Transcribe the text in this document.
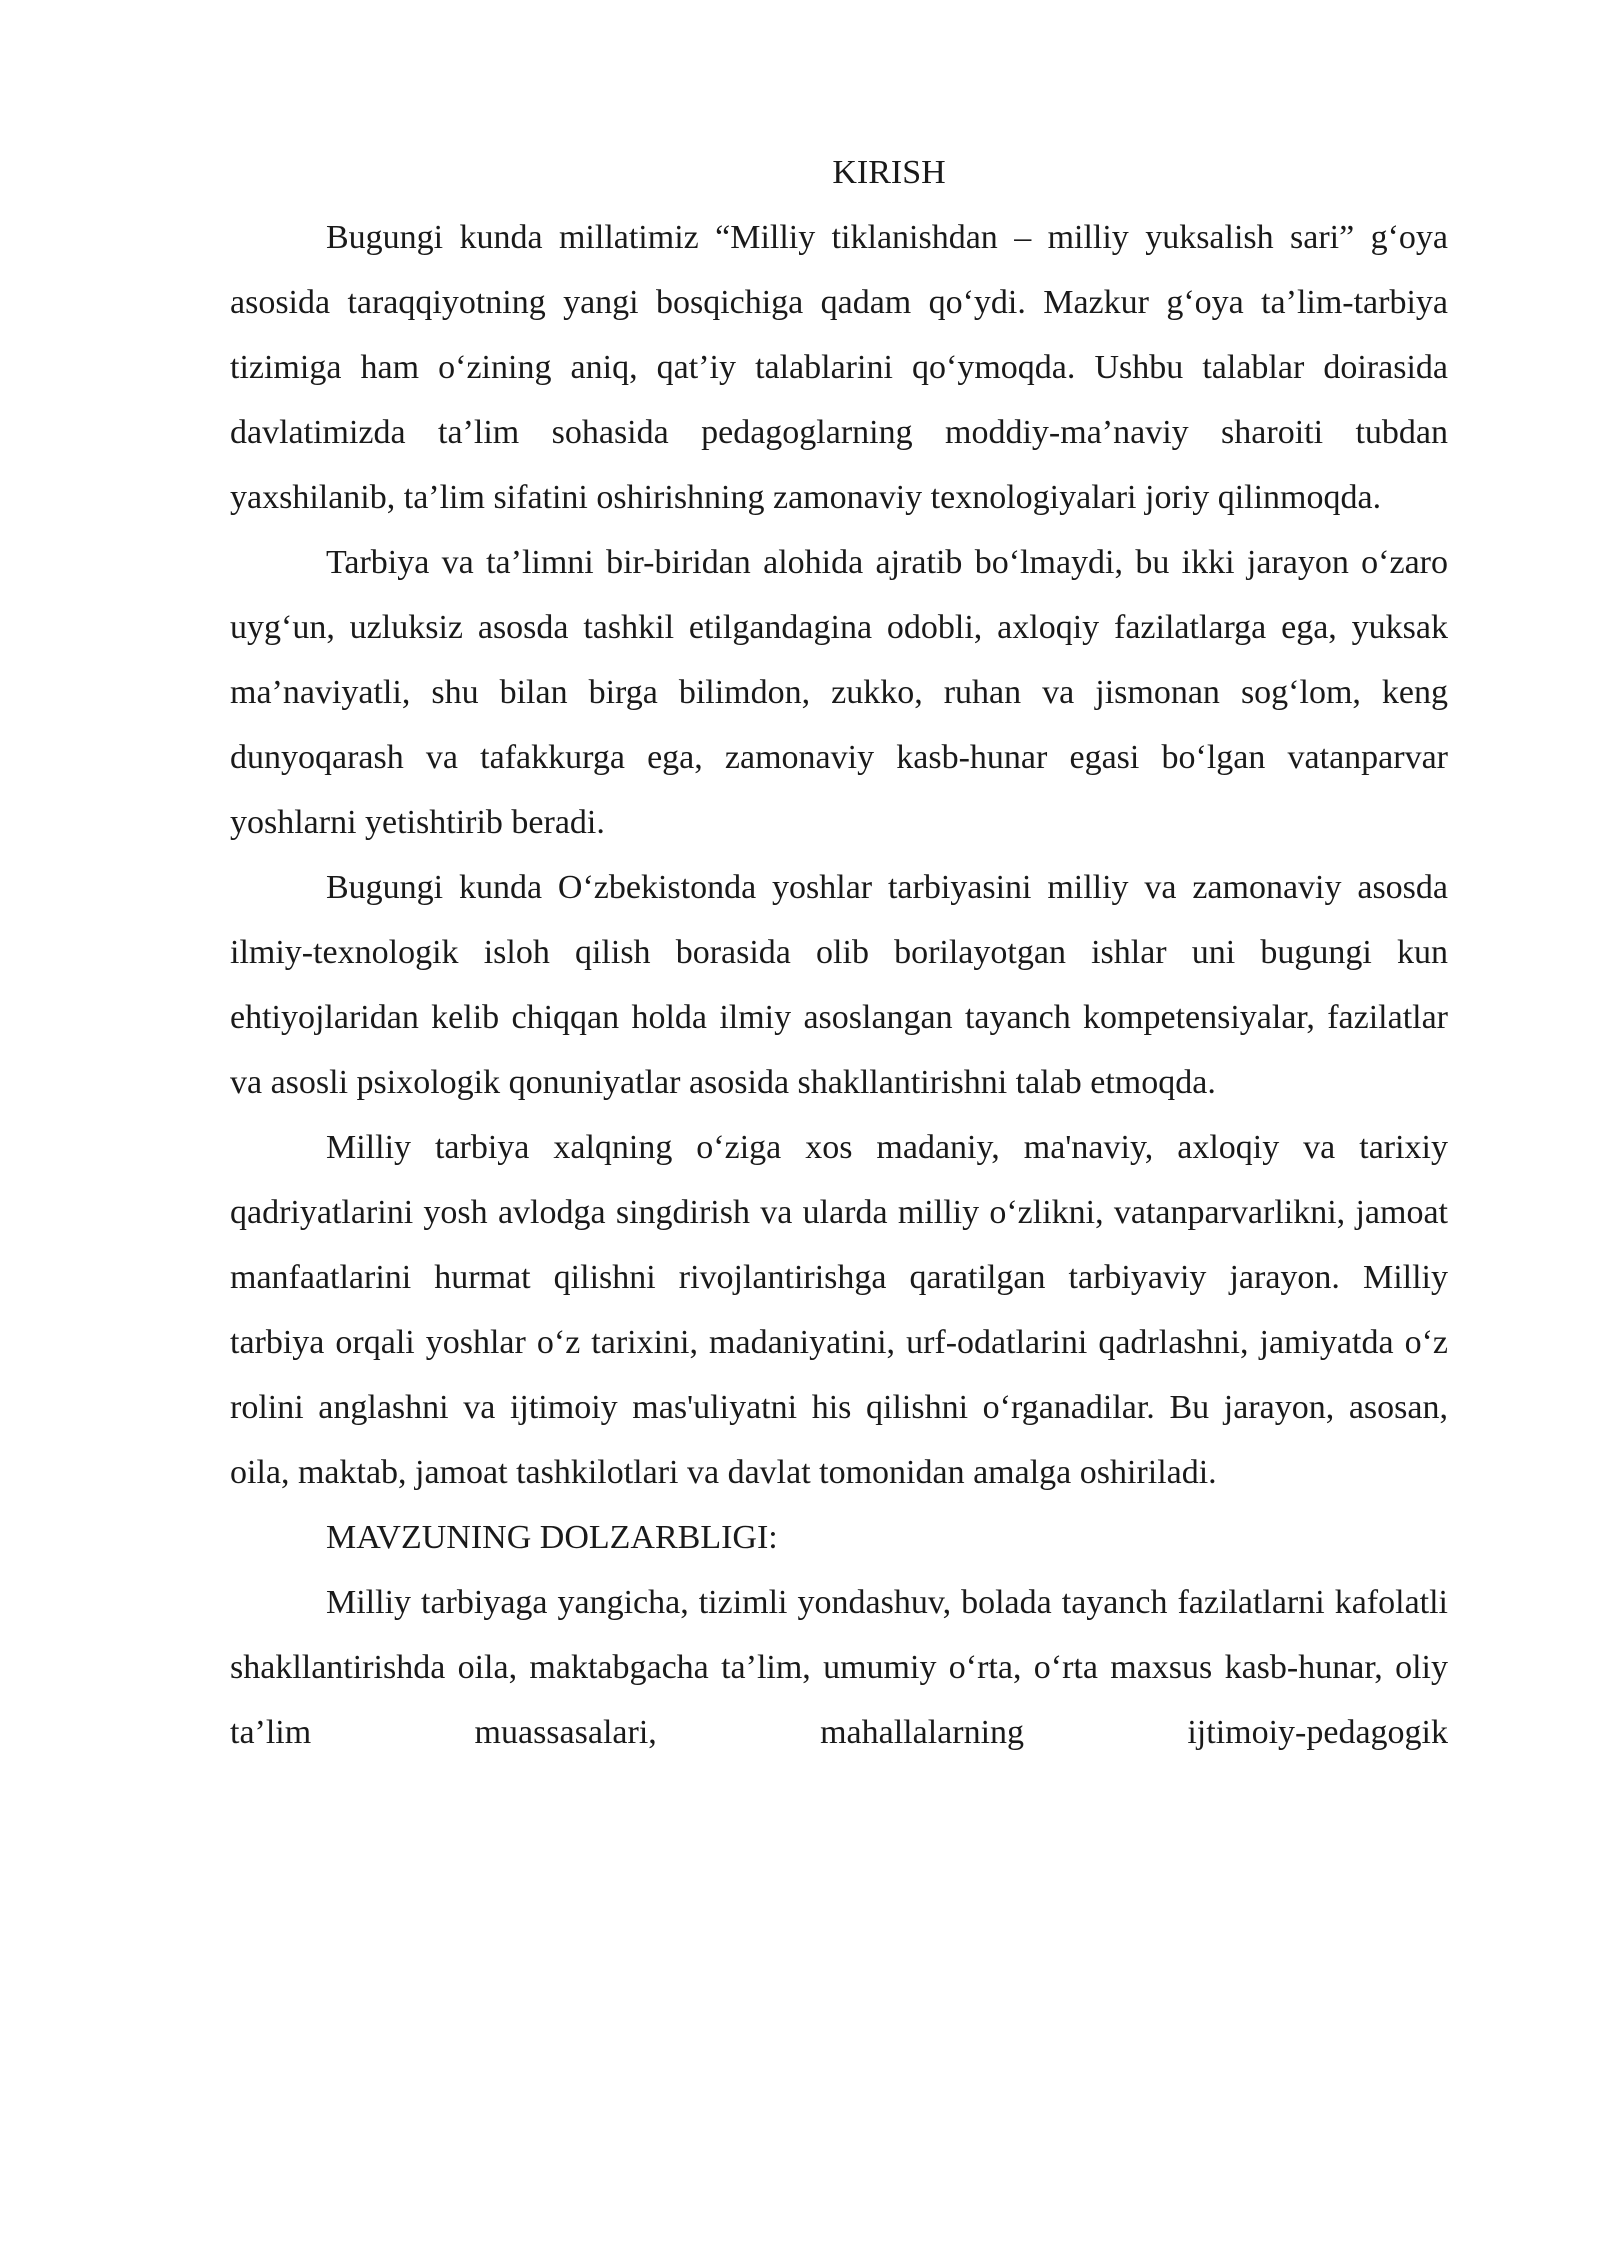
KIRISH

Bugungi kunda millatimiz “Milliy tiklanishdan – milliy yuksalish sari” g‘oya asosida taraqqiyotning yangi bosqichiga qadam qo‘ydi. Mazkur g‘oya ta’lim-tarbiya tizimiga ham o‘zining aniq, qat’iy talablarini qo‘ymoqda. Ushbu talablar doirasida davlatimizda ta’lim sohasida pedagoglarning moddiy-ma’naviy sharoiti tubdan yaxshilanib, ta’lim sifatini oshirishning zamonaviy texnologiyalari joriy qilinmoqda.

Tarbiya va ta’limni bir-biridan alohida ajratib bo‘lmaydi, bu ikki jarayon o‘zaro uyg‘un, uzluksiz asosda tashkil etilgandagina odobli, axloqiy fazilatlarga ega, yuksak ma’naviyatli, shu bilan birga bilimdon, zukko, ruhan va jismonan sog‘lom, keng dunyoqarash va tafakkurga ega, zamonaviy kasb-hunar egasi bo‘lgan vatanparvar yoshlarni yetishtirib beradi.

Bugungi kunda O‘zbekistonda yoshlar tarbiyasini milliy va zamonaviy asosda ilmiy-texnologik isloh qilish borasida olib borilayotgan ishlar uni bugungi kun ehtiyojlaridan kelib chiqqan holda ilmiy asoslangan tayanch kompetensiyalar, fazilatlar va asosli psixologik qonuniyatlar asosida shakllantirishni talab etmoqda.

Milliy tarbiya xalqning o‘ziga xos madaniy, ma'naviy, axloqiy va tarixiy qadriyatlarini yosh avlodga singdirish va ularda milliy o‘zlikni, vatanparvarlikni, jamoat manfaatlarini hurmat qilishni rivojlantirishga qaratilgan tarbiyaviy jarayon. Milliy tarbiya orqali yoshlar o‘z tarixini, madaniyatini, urf-odatlarini qadrlashni, jamiyatda o‘z rolini anglashni va ijtimoiy mas'uliyatni his qilishni o‘rganadilar. Bu jarayon, asosan, oila, maktab, jamoat tashkilotlari va davlat tomonidan amalga oshiriladi.

MAVZUNING DOLZARBLIGI:

Milliy tarbiyaga yangicha, tizimli yondashuv, bolada tayanch fazilatlarni kafolatli shakllantirishda oila, maktabgacha ta’lim, umumiy o‘rta, o‘rta maxsus kasb-hunar, oliy ta’lim muassasalari, mahallalarning ijtimoiy-pedagogik
